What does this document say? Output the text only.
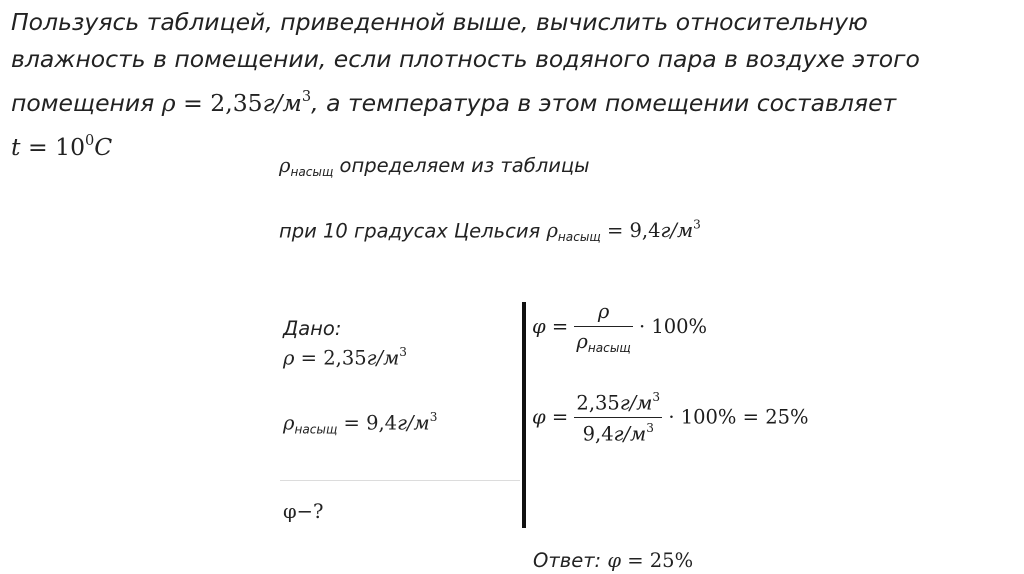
Пользуясь таблицей, приведенной выше, вычислить относительную
влажность в помещении, если плотность водяного пара в воздухе этого
помещения $\rho = 2,35г/м^3$, а температура в этом помещении составляет
$t = 10^0C$
$\rho_{насыщ}$ определяем из таблицы
при 10 градусах Цельсия $\rho_{насыщ} = 9,4г/м^3$
Дано:
$\rho = 2,35г/м^3$
$\rho_{насыщ} = 9,4г/м^3$
φ−?
$\varphi = \frac{\rho}{\rho_{насыщ}} \cdot 100\%$
$\varphi = \frac{2,35г/м^3}{9,4г/м^3} \cdot 100\% = 25\%$
Ответ: φ = 25%
